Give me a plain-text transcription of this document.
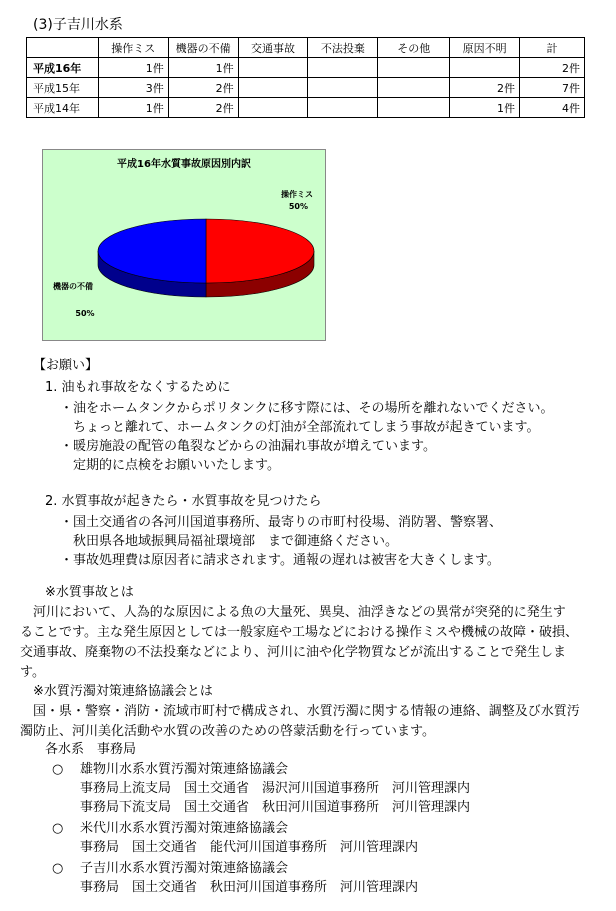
(3)子吉川水系
	操作ミス	機器の不備	交通事故	不法投棄	その他	原因不明	計
平成16年	1件	1件					2件
平成15年	3件	2件				2件	7件
平成14年	1件	2件				1件	4件
平成16年水質事故原因別内訳
操作ミス
50%
機器の不備
50%
【お願い】
1. 油もれ事故をなくするために
・油をホームタンクからポリタンクに移す際には、その場所を離れないでください。
ちょっと離れて、ホームタンクの灯油が全部流れてしまう事故が起きています。
・暖房施設の配管の亀裂などからの油漏れ事故が増えています。
定期的に点検をお願いいたします。
2. 水質事故が起きたら・水質事故を見つけたら
・国土交通省の各河川国道事務所、最寄りの市町村役場、消防署、警察署、
秋田県各地域振興局福祉環境部　まで御連絡ください。
・事故処理費は原因者に請求されます。通報の遅れは被害を大きくします。
※水質事故とは
河川において、人為的な原因による魚の大量死、異臭、油浮きなどの異常が突発的に発生す
ることです。主な発生原因としては一般家庭や工場などにおける操作ミスや機械の故障・破損、
交通事故、廃棄物の不法投棄などにより、河川に油や化学物質などが流出することで発生しま
す。
※水質汚濁対策連絡協議会とは
国・県・警察・消防・流域市町村で構成され、水質汚濁に関する情報の連絡、調整及び水質汚
濁防止、河川美化活動や水質の改善のための啓蒙活動を行っています。
各水系　事務局
○ 雄物川水系水質汚濁対策連絡協議会
事務局上流支局　国土交通省　湯沢河川国道事務所　河川管理課内
事務局下流支局　国土交通省　秋田河川国道事務所　河川管理課内
○ 米代川水系水質汚濁対策連絡協議会
事務局　国土交通省　能代河川国道事務所　河川管理課内
○ 子吉川水系水質汚濁対策連絡協議会
事務局　国土交通省　秋田河川国道事務所　河川管理課内
